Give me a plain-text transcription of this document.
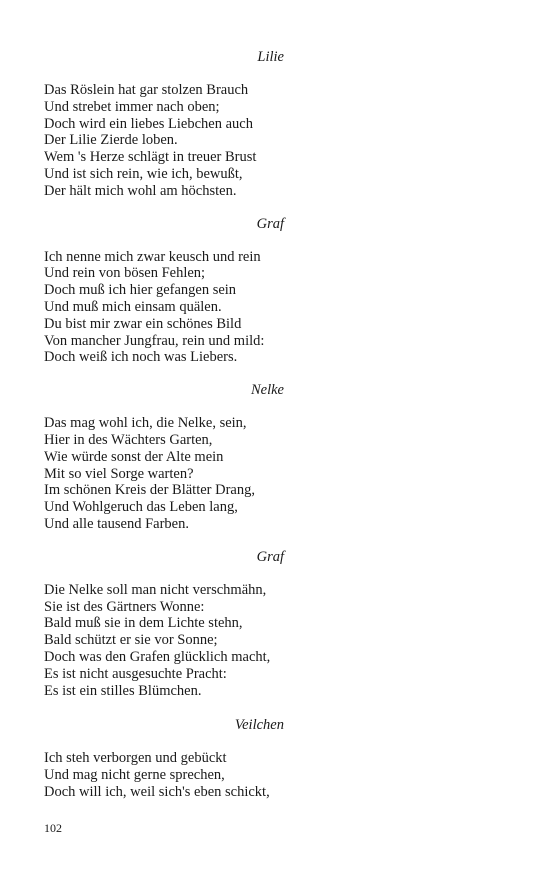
Lilie

Das Röslein hat gar stolzen Brauch

Und strebet immer nach oben;

Doch wird ein liebes Liebchen auch

Der Lilie Zierde loben.

Wem 's Herze schlägt in treuer Brust

Und ist sich rein, wie ich, bewußt,

Der hält mich wohl am höchsten.

Graf

Ich nenne mich zwar keusch und rein

Und rein von bösen Fehlen;

Doch muß ich hier gefangen sein

Und muß mich einsam quälen.

Du bist mir zwar ein schönes Bild

Von mancher Jungfrau, rein und mild:

Doch weiß ich noch was Liebers.

Nelke

Das mag wohl ich, die Nelke, sein,

Hier in des Wächters Garten,

Wie würde sonst der Alte mein

Mit so viel Sorge warten?

Im schönen Kreis der Blätter Drang,

Und Wohlgeruch das Leben lang,

Und alle tausend Farben.

Graf

Die Nelke soll man nicht verschmähn,

Sie ist des Gärtners Wonne:

Bald muß sie in dem Lichte stehn,

Bald schützt er sie vor Sonne;

Doch was den Grafen glücklich macht,

Es ist nicht ausgesuchte Pracht:

Es ist ein stilles Blümchen.

Veilchen

Ich steh verborgen und gebückt

Und mag nicht gerne sprechen,

Doch will ich, weil sich's eben schickt,

102
